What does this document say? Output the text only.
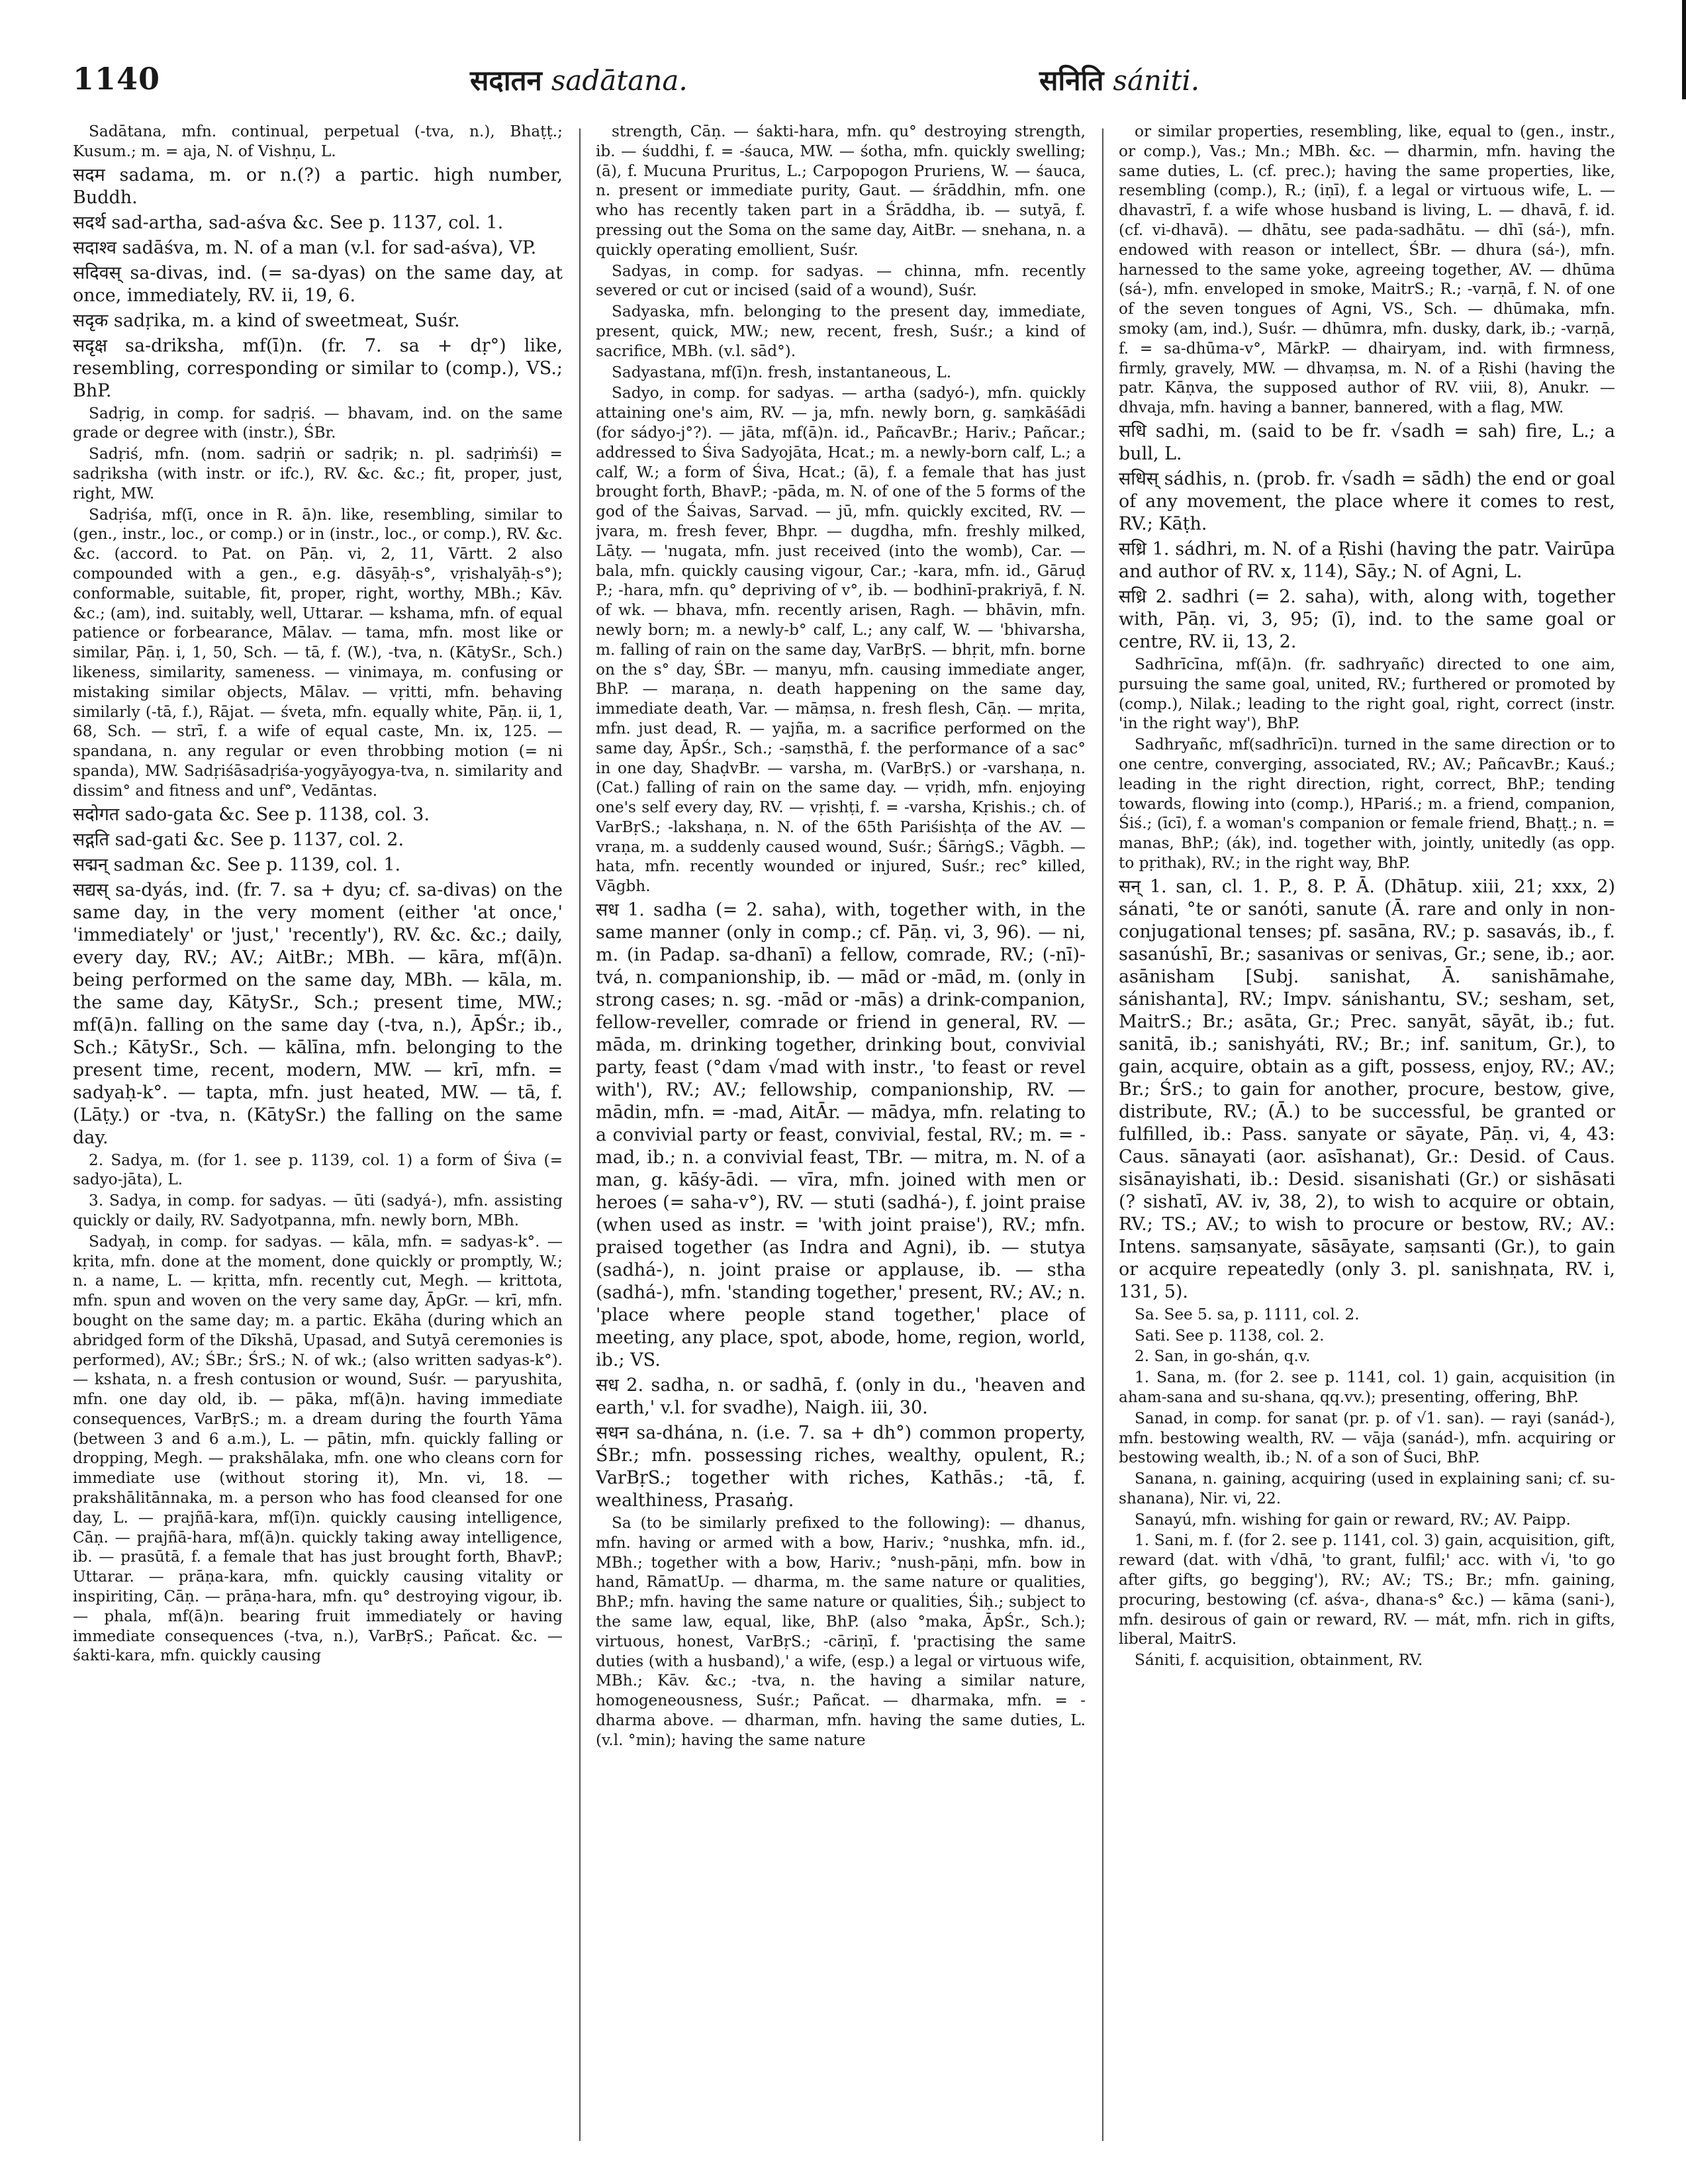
1140	सदातन sadātana.	सनिति sániti.

Sadātana, mfn. continual, perpetual (-tva, n.), Bhaṭṭ.; Kusum.; m. = aja, N. of Vishṇu, L.

सदम sadama, m. or n.(?) a partic. high number, Buddh.

सदर्थ sad-artha, sad-aśva &c. See p. 1137, col. 1.

सदाश्व sadāśva, m. N. of a man (v.l. for sad-aśva), VP.

सदिवस् sa-divas, ind. (= sa-dyas) on the same day, at once, immediately, RV. ii, 19, 6.

सदृक sadṛika, m. a kind of sweetmeat, Suśr.

सदृक्ष sa-driksha, mf(ī)n. (fr. 7. sa + dṛ°) like, resembling, corresponding or similar to (comp.), VS.; BhP.

Sadṛig, in comp. for sadṛiś. — bhavam, ind. on the same grade or degree with (instr.), ŚBr.

Sadṛiś, mfn. (nom. sadṛiṅ or sadṛik; n. pl. sadṛiṁśi) = sadṛiksha (with instr. or ifc.), RV. &c. &c.; fit, proper, just, right, MW.

Sadṛiśa, mf(ī, once in R. ā)n. like, resembling, similar to (gen., instr., loc., or comp.) or in (instr., loc., or comp.), RV. &c. &c. (accord. to Pat. on Pāṇ. vi, 2, 11, Vārtt. 2 also compounded with a gen., e.g. dāsyāḥ-s°, vṛishalyāḥ-s°); conformable, suitable, fit, proper, right, worthy, MBh.; Kāv. &c.; (am), ind. suitably, well, Uttarar. — kshama, mfn. of equal patience or forbearance, Mālav. — tama, mfn. most like or similar, Pāṇ. i, 1, 50, Sch. — tā, f. (W.), -tva, n. (KātySr., Sch.) likeness, similarity, sameness. — vinimaya, m. confusing or mistaking similar objects, Mālav. — vṛitti, mfn. behaving similarly (-tā, f.), Rājat. — śveta, mfn. equally white, Pāṇ. ii, 1, 68, Sch. — strī, f. a wife of equal caste, Mn. ix, 125. — spandana, n. any regular or even throbbing motion (= ni spanda), MW. Sadṛiśāsadṛiśa-yogyāyogya-tva, n. similarity and dissim° and fitness and unf°, Vedāntas.

सदोगत sado-gata &c. See p. 1138, col. 3.

सद्गति sad-gati &c. See p. 1137, col. 2.

सद्मन् sadman &c. See p. 1139, col. 1.

सद्यस् sa-dyás, ind. (fr. 7. sa + dyu; cf. sa-divas) on the same day, in the very moment (either 'at once,' 'immediately' or 'just,' 'recently'), RV. &c. &c.; daily, every day, RV.; AV.; AitBr.; MBh. — kāra, mf(ā)n. being performed on the same day, MBh. — kāla, m. the same day, KātySr., Sch.; present time, MW.; mf(ā)n. falling on the same day (-tva, n.), ĀpŚr.; ib., Sch.; KātySr., Sch. — kālīna, mfn. belonging to the present time, recent, modern, MW. — krī, mfn. = sadyaḥ-k°. — tapta, mfn. just heated, MW. — tā, f. (Lāṭy.) or -tva, n. (KātySr.) the falling on the same day.

2. Sadya, m. (for 1. see p. 1139, col. 1) a form of Śiva (= sadyo-jāta), L.

3. Sadya, in comp. for sadyas. — ūti (sadyá-), mfn. assisting quickly or daily, RV. Sadyotpanna, mfn. newly born, MBh.

Sadyaḥ, in comp. for sadyas. — kāla, mfn. = sadyas-k°. — kṛita, mfn. done at the moment, done quickly or promptly, W.; n. a name, L. — kṛitta, mfn. recently cut, Megh. — krittota, mfn. spun and woven on the very same day, ĀpGr. — krī, mfn. bought on the same day; m. a partic. Ekāha (during which an abridged form of the Dīkshā, Upasad, and Sutyā ceremonies is performed), AV.; ŚBr.; ŚrS.; N. of wk.; (also written sadyas-k°). — kshata, n. a fresh contusion or wound, Suśr. — paryushita, mfn. one day old, ib. — pāka, mf(ā)n. having immediate consequences, VarBṛS.; m. a dream during the fourth Yāma (between 3 and 6 a.m.), L. — pātin, mfn. quickly falling or dropping, Megh. — prakshālaka, mfn. one who cleans corn for immediate use (without storing it), Mn. vi, 18. — prakshālitānnaka, m. a person who has food cleansed for one day, L. — prajñā-kara, mf(ī)n. quickly causing intelligence, Cāṇ. — prajñā-hara, mf(ā)n. quickly taking away intelligence, ib. — prasūtā, f. a female that has just brought forth, BhavP.; Uttarar. — prāṇa-kara, mfn. quickly causing vitality or inspiriting, Cāṇ. — prāṇa-hara, mfn. qu° destroying vigour, ib. — phala, mf(ā)n. bearing fruit immediately or having immediate consequences (-tva, n.), VarBṛS.; Pañcat. &c. — śakti-kara, mfn. quickly causing

strength, Cāṇ. — śakti-hara, mfn. qu° destroying strength, ib. — śuddhi, f. = -śauca, MW. — śotha, mfn. quickly swelling; (ā), f. Mucuna Pruritus, L.; Carpopogon Pruriens, W. — śauca, n. present or immediate purity, Gaut. — śrāddhin, mfn. one who has recently taken part in a Śrāddha, ib. — sutyā, f. pressing out the Soma on the same day, AitBr. — snehana, n. a quickly operating emollient, Suśr.

Sadyas, in comp. for sadyas. — chinna, mfn. recently severed or cut or incised (said of a wound), Suśr.

Sadyaska, mfn. belonging to the present day, immediate, present, quick, MW.; new, recent, fresh, Suśr.; a kind of sacrifice, MBh. (v.l. sād°).

Sadyastana, mf(ī)n. fresh, instantaneous, L.

Sadyo, in comp. for sadyas. — artha (sadyó-), mfn. quickly attaining one's aim, RV. — ja, mfn. newly born, g. saṃkāśādi (for sádyo-j°?). — jāta, mf(ā)n. id., PañcavBr.; Hariv.; Pañcar.; addressed to Śiva Sadyojāta, Hcat.; m. a newly-born calf, L.; a calf, W.; a form of Śiva, Hcat.; (ā), f. a female that has just brought forth, BhavP.; -pāda, m. N. of one of the 5 forms of the god of the Śaivas, Sarvad. — jū, mfn. quickly excited, RV. — jvara, m. fresh fever, Bhpr. — dugdha, mfn. freshly milked, Lāṭy. — 'nugata, mfn. just received (into the womb), Car. — bala, mfn. quickly causing vigour, Car.; -kara, mfn. id., Gāruḍ P.; -hara, mfn. qu° depriving of v°, ib. — bodhinī-prakriyā, f. N. of wk. — bhava, mfn. recently arisen, Ragh. — bhāvin, mfn. newly born; m. a newly-b° calf, L.; any calf, W. — 'bhivarsha, m. falling of rain on the same day, VarBṛS. — bhṛit, mfn. borne on the s° day, ŚBr. — manyu, mfn. causing immediate anger, BhP. — maraṇa, n. death happening on the same day, immediate death, Var. — māṃsa, n. fresh flesh, Cāṇ. — mṛita, mfn. just dead, R. — yajña, m. a sacrifice performed on the same day, ĀpŚr., Sch.; -saṃsthā, f. the performance of a sac° in one day, ShaḍvBr. — varsha, m. (VarBṛS.) or -varshaṇa, n. (Cat.) falling of rain on the same day. — vṛidh, mfn. enjoying one's self every day, RV. — vṛishṭi, f. = -varsha, Kṛishis.; ch. of VarBṛS.; -lakshaṇa, n. N. of the 65th Pariśishṭa of the AV. — vraṇa, m. a suddenly caused wound, Suśr.; ŚārṅgS.; Vāgbh. — hata, mfn. recently wounded or injured, Suśr.; rec° killed, Vāgbh.

सध 1. sadha (= 2. saha), with, together with, in the same manner (only in comp.; cf. Pāṇ. vi, 3, 96). — ni, m. (in Padap. sa-dhanī) a fellow, comrade, RV.; (-nī)-tvá, n. companionship, ib. — mād or -mād, m. (only in strong cases; n. sg. -mād or -mās) a drink-companion, fellow-reveller, comrade or friend in general, RV. — māda, m. drinking together, drinking bout, convivial party, feast (°dam √mad with instr., 'to feast or revel with'), RV.; AV.; fellowship, companionship, RV. — mādin, mfn. = -mad, AitĀr. — mādya, mfn. relating to a convivial party or feast, convivial, festal, RV.; m. = -mad, ib.; n. a convivial feast, TBr. — mitra, m. N. of a man, g. kāśy-ādi. — vīra, mfn. joined with men or heroes (= saha-v°), RV. — stuti (sadhá-), f. joint praise (when used as instr. = 'with joint praise'), RV.; mfn. praised together (as Indra and Agni), ib. — stutya (sadhá-), n. joint praise or applause, ib. — stha (sadhá-), mfn. 'standing together,' present, RV.; AV.; n. 'place where people stand together,' place of meeting, any place, spot, abode, home, region, world, ib.; VS.

सध 2. sadha, n. or sadhā, f. (only in du., 'heaven and earth,' v.l. for svadhe), Naigh. iii, 30.

सधन sa-dhána, n. (i.e. 7. sa + dh°) common property, ŚBr.; mfn. possessing riches, wealthy, opulent, R.; VarBṛS.; together with riches, Kathās.; -tā, f. wealthiness, Prasaṅg.

Sa (to be similarly prefixed to the following): — dhanus, mfn. having or armed with a bow, Hariv.; °nushka, mfn. id., MBh.; together with a bow, Hariv.; °nush-pāṇi, mfn. bow in hand, RāmatUp. — dharma, m. the same nature or qualities, BhP.; mfn. having the same nature or qualities, Śiḥ.; subject to the same law, equal, like, BhP. (also °maka, ĀpŚr., Sch.); virtuous, honest, VarBṛS.; -cāriṇī, f. 'practising the same duties (with a husband),' a wife, (esp.) a legal or virtuous wife, MBh.; Kāv. &c.; -tva, n. the having a similar nature, homogeneousness, Suśr.; Pañcat. — dharmaka, mfn. = -dharma above. — dharman, mfn. having the same duties, L. (v.l. °min); having the same nature

or similar properties, resembling, like, equal to (gen., instr., or comp.), Vas.; Mn.; MBh. &c. — dharmin, mfn. having the same duties, L. (cf. prec.); having the same properties, like, resembling (comp.), R.; (iṇī), f. a legal or virtuous wife, L. — dhavastrī, f. a wife whose husband is living, L. — dhavā, f. id. (cf. vi-dhavā). — dhātu, see pada-sadhātu. — dhī (sá-), mfn. endowed with reason or intellect, ŚBr. — dhura (sá-), mfn. harnessed to the same yoke, agreeing together, AV. — dhūma (sá-), mfn. enveloped in smoke, MaitrS.; R.; -varṇā, f. N. of one of the seven tongues of Agni, VS., Sch. — dhūmaka, mfn. smoky (am, ind.), Suśr. — dhūmra, mfn. dusky, dark, ib.; -varṇā, f. = sa-dhūma-v°, MārkP. — dhairyam, ind. with firmness, firmly, gravely, MW. — dhvaṃsa, m. N. of a Ṛishi (having the patr. Kāṇva, the supposed author of RV. viii, 8), Anukr. — dhvaja, mfn. having a banner, bannered, with a flag, MW.

सधि sadhi, m. (said to be fr. √sadh = sah) fire, L.; a bull, L.

सधिस् sádhis, n. (prob. fr. √sadh = sādh) the end or goal of any movement, the place where it comes to rest, RV.; Kāṭh.

सध्रि 1. sádhri, m. N. of a Ṛishi (having the patr. Vairūpa and author of RV. x, 114), Sāy.; N. of Agni, L.

सध्रि 2. sadhri (= 2. saha), with, along with, together with, Pāṇ. vi, 3, 95; (ī), ind. to the same goal or centre, RV. ii, 13, 2.

Sadhrīcīna, mf(ā)n. (fr. sadhryañc) directed to one aim, pursuing the same goal, united, RV.; furthered or promoted by (comp.), Nilak.; leading to the right goal, right, correct (instr. 'in the right way'), BhP.

Sadhryañc, mf(sadhrīcī)n. turned in the same direction or to one centre, converging, associated, RV.; AV.; PañcavBr.; Kauś.; leading in the right direction, right, correct, BhP.; tending towards, flowing into (comp.), HPariś.; m. a friend, companion, Śiś.; (īcī), f. a woman's companion or female friend, Bhaṭṭ.; n. = manas, BhP.; (ák), ind. together with, jointly, unitedly (as opp. to pṛithak), RV.; in the right way, BhP.

सन् 1. san, cl. 1. P., 8. P. Ā. (Dhātup. xiii, 21; xxx, 2) sánati, °te or sanóti, sanute (Ā. rare and only in non-conjugational tenses; pf. sasāna, RV.; p. sasavás, ib., f. sasanúshī, Br.; sasanivas or senivas, Gr.; sene, ib.; aor. asānisham [Subj. sanishat, Ā. sanishāmahe, sánishanta], RV.; Impv. sánishantu, SV.; sesham, set, MaitrS.; Br.; asāta, Gr.; Prec. sanyāt, sāyāt, ib.; fut. sanitā, ib.; sanishyáti, RV.; Br.; inf. sanitum, Gr.), to gain, acquire, obtain as a gift, possess, enjoy, RV.; AV.; Br.; ŚrS.; to gain for another, procure, bestow, give, distribute, RV.; (Ā.) to be successful, be granted or fulfilled, ib.: Pass. sanyate or sāyate, Pāṇ. vi, 4, 43: Caus. sānayati (aor. asīshanat), Gr.: Desid. of Caus. sisānayishati, ib.: Desid. sisanishati (Gr.) or sishāsati (? sishatī, AV. iv, 38, 2), to wish to acquire or obtain, RV.; TS.; AV.; to wish to procure or bestow, RV.; AV.: Intens. saṃsanyate, sāsāyate, saṃsanti (Gr.), to gain or acquire repeatedly (only 3. pl. sanishṇata, RV. i, 131, 5).

Sa. See 5. sa, p. 1111, col. 2.

Sati. See p. 1138, col. 2.

2. San, in go-shán, q.v.

1. Sana, m. (for 2. see p. 1141, col. 1) gain, acquisition (in aham-sana and su-shana, qq.vv.); presenting, offering, BhP.

Sanad, in comp. for sanat (pr. p. of √1. san). — rayi (sanád-), mfn. bestowing wealth, RV. — vāja (sanád-), mfn. acquiring or bestowing wealth, ib.; N. of a son of Śuci, BhP.

Sanana, n. gaining, acquiring (used in explaining sani; cf. su-shanana), Nir. vi, 22.

Sanayú, mfn. wishing for gain or reward, RV.; AV. Paipp.

1. Sani, m. f. (for 2. see p. 1141, col. 3) gain, acquisition, gift, reward (dat. with √dhā, 'to grant, fulfil;' acc. with √i, 'to go after gifts, go begging'), RV.; AV.; TS.; Br.; mfn. gaining, procuring, bestowing (cf. aśva-, dhana-s° &c.) — kāma (sani-), mfn. desirous of gain or reward, RV. — mát, mfn. rich in gifts, liberal, MaitrS.

Sániti, f. acquisition, obtainment, RV.
